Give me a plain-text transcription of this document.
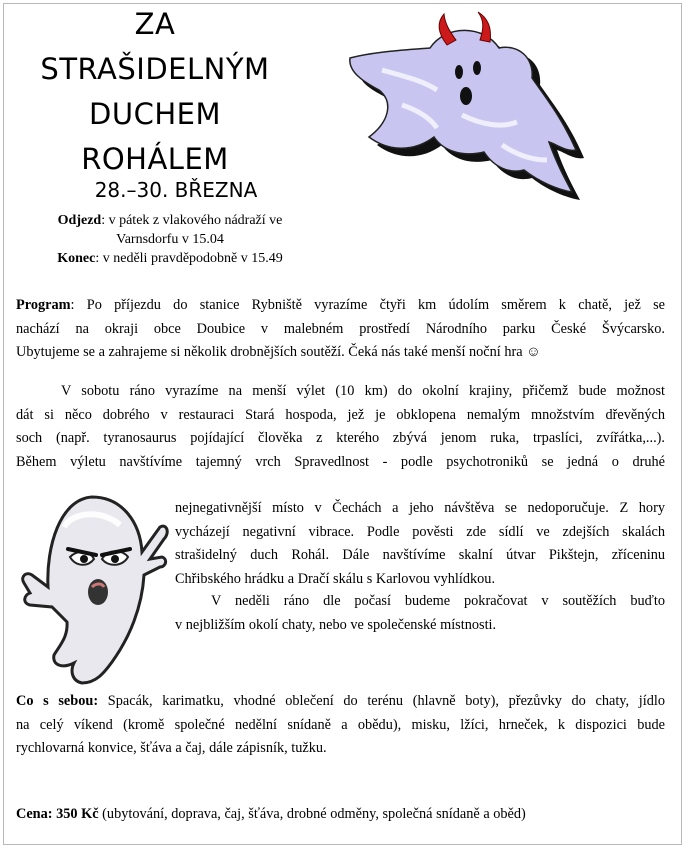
ZA
STRAŠIDELNÝM
DUCHEM
ROHÁLEM
28.–30. BŘEZNA
Odjezd: v pátek z vlakového nádraží ve
Varnsdorfu v 15.04
Konec: v neděli pravděpodobně v 15.49
Program: Po příjezdu do stanice Rybniště vyrazíme čtyři km údolím směrem k chatě, jež se
nachází na okraji obce Doubice v malebném prostředí Národního parku České Švýcarsko.
Ubytujeme se a zahrajeme si několik drobnějších soutěží. Čeká nás také menší noční hra ☺
V sobotu ráno vyrazíme na menší výlet (10 km) do okolní krajiny, přičemž bude možnost
dát si něco dobrého v restauraci Stará hospoda, jež je obklopena nemalým množstvím dřevěných
soch (např. tyranosaurus pojídající člověka z kterého zbývá jenom ruka, trpaslíci, zvířátka,...).
Během výletu navštívíme tajemný vrch Spravedlnost - podle psychotroniků se jedná o druhé
nejnegativnější místo v Čechách a jeho návštěva se nedoporučuje. Z hory
vycházejí negativní vibrace. Podle pověsti zde sídlí ve zdejších skalách
strašidelný duch Rohál. Dále navštívíme skalní útvar Pikštejn, zříceninu
Chřibského hrádku a Dračí skálu s Karlovou vyhlídkou.
V neděli ráno dle počasí budeme pokračovat v soutěžích buďto
v nejbližším okolí chaty, nebo ve společenské místnosti.
Co s sebou: Spacák, karimatku, vhodné oblečení do terénu (hlavně boty), přezůvky do chaty, jídlo
na celý víkend (kromě společné nedělní snídaně a obědu), misku, lžíci, hrneček, k dispozici bude
rychlovarná konvice, šťáva a čaj, dále zápisník, tužku.
Cena: 350 Kč (ubytování, doprava, čaj, šťáva, drobné odměny, společná snídaně a oběd)
